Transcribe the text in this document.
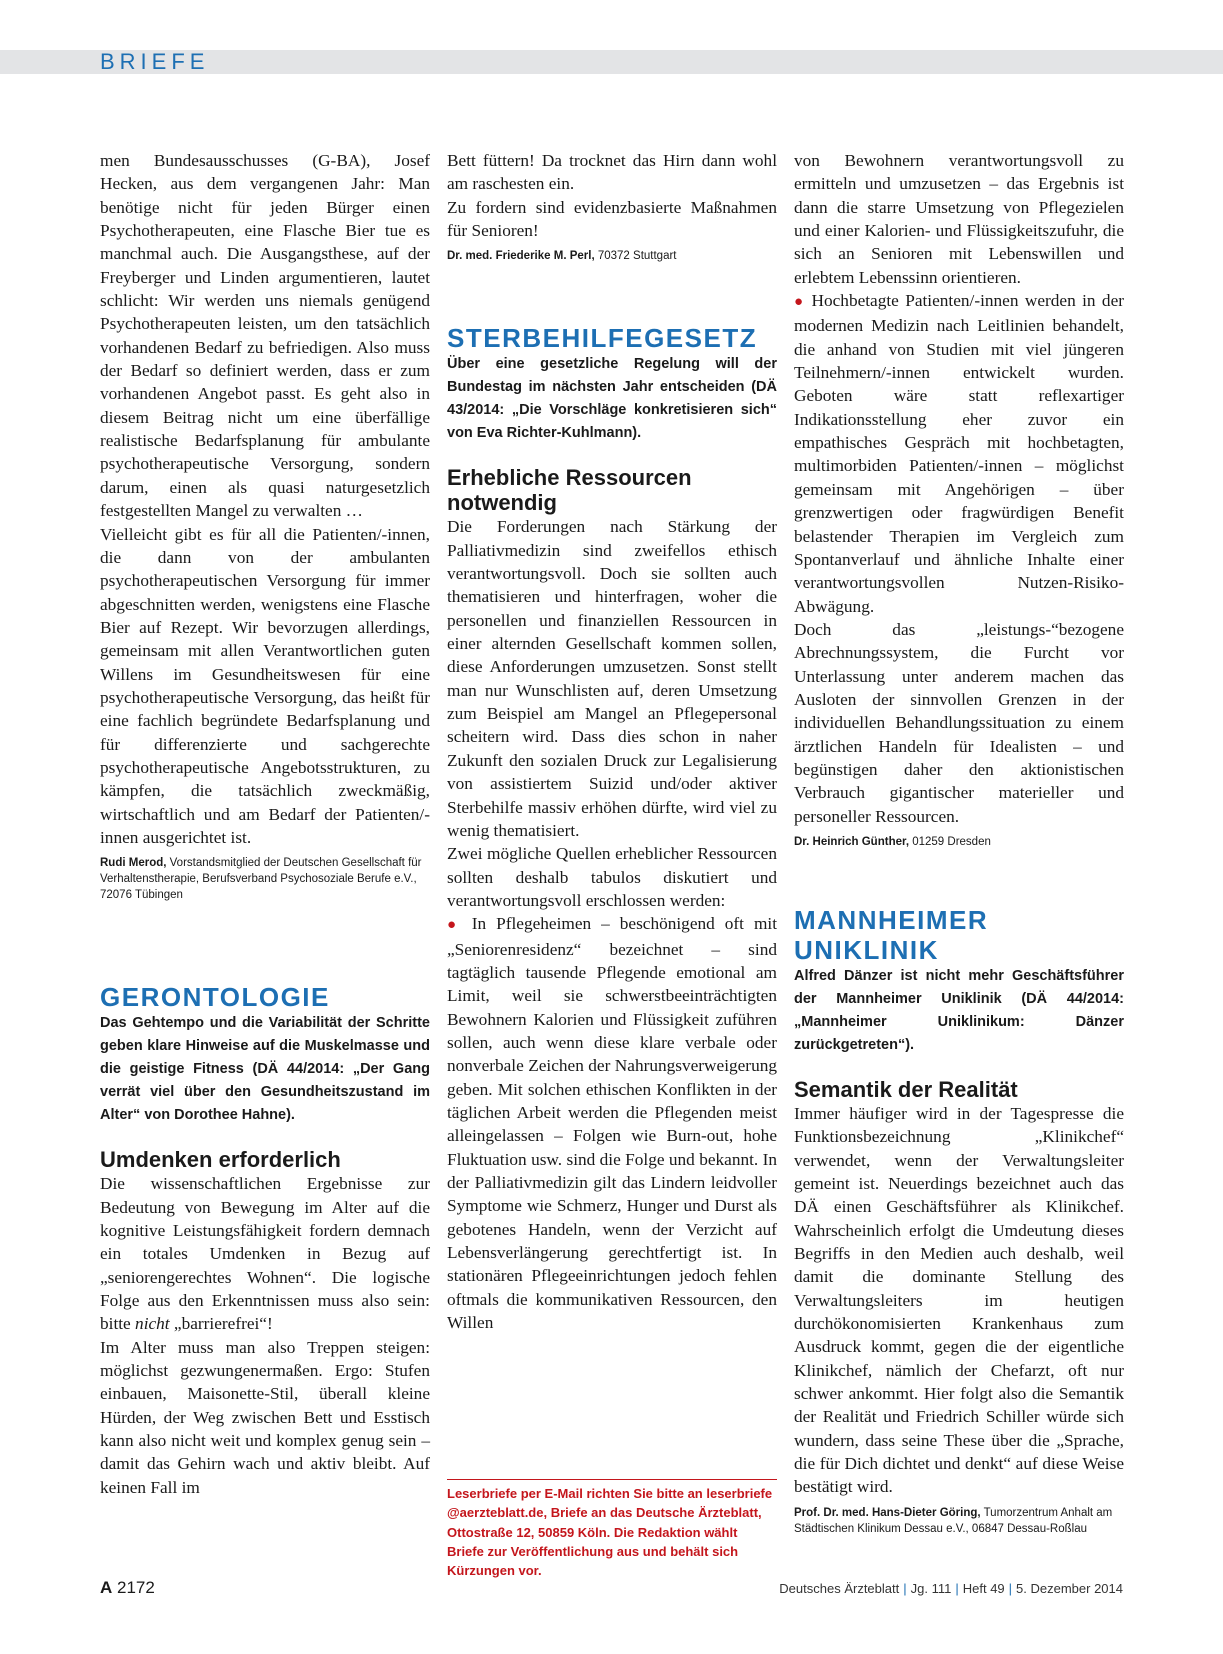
BRIEFE

men Bundesausschusses (G-BA), Josef Hecken, aus dem vergangenen Jahr: Man benötige nicht für jeden Bürger einen Psychotherapeuten, eine Flasche Bier tue es manchmal auch. Die Ausgangsthese, auf der Freyberger und Linden argumentieren, lautet schlicht: Wir werden uns niemals genügend Psychotherapeuten leisten, um den tatsächlich vorhandenen Bedarf zu befriedigen. Also muss der Bedarf so definiert werden, dass er zum vorhandenen Angebot passt. Es geht also in diesem Beitrag nicht um eine überfällige realistische Bedarfsplanung für ambulante psychotherapeutische Versorgung, sondern darum, einen als quasi naturgesetzlich festgestellten Mangel zu verwalten …

Vielleicht gibt es für all die Patienten/-innen, die dann von der ambulanten psychotherapeutischen Versorgung für immer abgeschnitten werden, wenigstens eine Flasche Bier auf Rezept. Wir bevorzugen allerdings, gemeinsam mit allen Verantwortlichen guten Willens im Gesundheitswesen für eine psychotherapeutische Versorgung, das heißt für eine fachlich begründete Bedarfsplanung und für differenzierte und sachgerechte psychotherapeutische Angebotsstrukturen, zu kämpfen, die tatsächlich zweckmäßig, wirtschaftlich und am Bedarf der Patienten/-innen ausgerichtet ist.

Rudi Merod, Vorstandsmitglied der Deutschen Gesellschaft für Verhaltenstherapie, Berufsverband Psychosoziale Berufe e.V., 72076 Tübingen
GERONTOLOGIE

Das Gehtempo und die Variabilität der Schritte geben klare Hinweise auf die Muskelmasse und die geistige Fitness (DÄ 44/2014: „Der Gang verrät viel über den Gesundheitszustand im Alter“ von Dorothee Hahne).

Umdenken erforderlich

Die wissenschaftlichen Ergebnisse zur Bedeutung von Bewegung im Alter auf die kognitive Leistungsfähigkeit fordern demnach ein totales Umdenken in Bezug auf „seniorengerechtes Wohnen“. Die logische Folge aus den Erkenntnissen muss also sein: bitte nicht „barrierefrei“!

Im Alter muss man also Treppen steigen: möglichst gezwungenermaßen. Ergo: Stufen einbauen, Maisonette-Stil, überall kleine Hürden, der Weg zwischen Bett und Esstisch kann also nicht weit und komplex genug sein – damit das Gehirn wach und aktiv bleibt. Auf keinen Fall im

Bett füttern! Da trocknet das Hirn dann wohl am raschesten ein.

Zu fordern sind evidenzbasierte Maßnahmen für Senioren!

Dr. med. Friederike M. Perl, 70372 Stuttgart
STERBEHILFEGESETZ

Über eine gesetzliche Regelung will der Bundestag im nächsten Jahr entscheiden (DÄ 43/2014: „Die Vorschläge konkretisieren sich“ von Eva Richter-Kuhlmann).

Erhebliche Ressourcen notwendig

Die Forderungen nach Stärkung der Palliativmedizin sind zweifellos ethisch verantwortungsvoll. Doch sie sollten auch thematisieren und hinterfragen, woher die personellen und finanziellen Ressourcen in einer alternden Gesellschaft kommen sollen, diese Anforderungen umzusetzen. Sonst stellt man nur Wunschlisten auf, deren Umsetzung zum Beispiel am Mangel an Pflegepersonal scheitern wird. Dass dies schon in naher Zukunft den sozialen Druck zur Legalisierung von assistiertem Suizid und/oder aktiver Sterbehilfe massiv erhöhen dürfte, wird viel zu wenig thematisiert.

Zwei mögliche Quellen erheblicher Ressourcen sollten deshalb tabulos diskutiert und verantwortungsvoll erschlossen werden:

● In Pflegeheimen – beschönigend oft mit „Seniorenresidenz“ bezeichnet – sind tagtäglich tausende Pflegende emotional am Limit, weil sie schwerstbeeinträchtigten Bewohnern Kalorien und Flüssigkeit zuführen sollen, auch wenn diese klare verbale oder nonverbale Zeichen der Nahrungsverweigerung geben. Mit solchen ethischen Konflikten in der täglichen Arbeit werden die Pflegenden meist alleingelassen – Folgen wie Burn-out, hohe Fluktuation usw. sind die Folge und bekannt. In der Palliativmedizin gilt das Lindern leidvoller Symptome wie Schmerz, Hunger und Durst als gebotenes Handeln, wenn der Verzicht auf Lebensverlängerung gerechtfertigt ist. In stationären Pflegeeinrichtungen jedoch fehlen oftmals die kommunikativen Ressourcen, den Willen

von Bewohnern verantwortungsvoll zu ermitteln und umzusetzen – das Ergebnis ist dann die starre Umsetzung von Pflegezielen und einer Kalorien- und Flüssigkeitszufuhr, die sich an Senioren mit Lebenswillen und erlebtem Lebenssinn orientieren.

● Hochbetagte Patienten/-innen werden in der modernen Medizin nach Leitlinien behandelt, die anhand von Studien mit viel jüngeren Teilnehmern/-innen entwickelt wurden. Geboten wäre statt reflexartiger Indikationsstellung eher zuvor ein empathisches Gespräch mit hochbetagten, multimorbiden Patienten/-innen – möglichst gemeinsam mit Angehörigen – über grenzwertigen oder fragwürdigen Benefit belastender Therapien im Vergleich zum Spontanverlauf und ähnliche Inhalte einer verantwortungsvollen Nutzen-Risiko-Abwägung.

Doch das „leistungs-“bezogene Abrechnungssystem, die Furcht vor Unterlassung unter anderem machen das Ausloten der sinnvollen Grenzen in der individuellen Behandlungssituation zu einem ärztlichen Handeln für Idealisten – und begünstigen daher den aktionistischen Verbrauch gigantischer materieller und personeller Ressourcen.

Dr. Heinrich Günther, 01259 Dresden
MANNHEIMER UNIKLINIK

Alfred Dänzer ist nicht mehr Geschäftsführer der Mannheimer Uniklinik (DÄ 44/2014: „Mannheimer Uniklinikum: Dänzer zurückgetreten“).

Semantik der Realität

Immer häufiger wird in der Tagespresse die Funktionsbezeichnung „Klinikchef“ verwendet, wenn der Verwaltungsleiter gemeint ist. Neuerdings bezeichnet auch das DÄ einen Geschäftsführer als Klinikchef. Wahrscheinlich erfolgt die Umdeutung dieses Begriffs in den Medien auch deshalb, weil damit die dominante Stellung des Verwaltungsleiters im heutigen durchökonomisierten Krankenhaus zum Ausdruck kommt, gegen die der eigentliche Klinikchef, nämlich der Chefarzt, oft nur schwer ankommt. Hier folgt also die Semantik der Realität und Friedrich Schiller würde sich wundern, dass seine These über die „Sprache, die für Dich dichtet und denkt“ auf diese Weise bestätigt wird.

Prof. Dr. med. Hans-Dieter Göring, Tumorzentrum Anhalt am Städtischen Klinikum Dessau e.V., 06847 Dessau-Roßlau
Leserbriefe per E-Mail richten Sie bitte an leserbriefe @aerzteblatt.de, Briefe an das Deutsche Ärzteblatt, Ottostraße 12, 50859 Köln. Die Redaktion wählt Briefe zur Veröffentlichung aus und behält sich Kürzungen vor.
A 2172	Deutsches Ärzteblatt | Jg. 111 | Heft 49 | 5. Dezember 2014
